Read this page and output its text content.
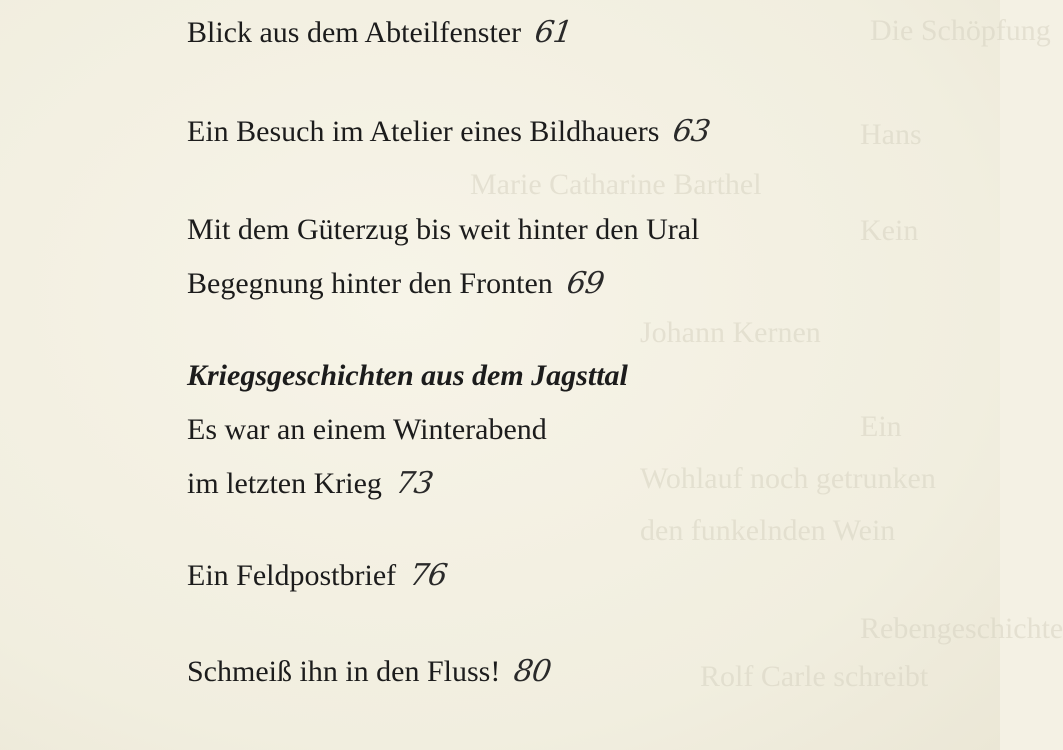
Die Schöpfung
Hans
Marie Catharine Barthel
Kein
Johann Kernen
Ein
Wohlauf noch getrunken
den funkelnden Wein
Rebengeschichte
Rolf Carle schreibt
Blick aus dem Abteilfenster 61
Ein Besuch im Atelier eines Bildhauers 63
Mit dem Güterzug bis weit hinter den Ural
Begegnung hinter den Fronten 69
Kriegsgeschichten aus dem Jagsttal
Es war an einem Winterabend
im letzten Krieg 73
Ein Feldpostbrief 76
Schmeiß ihn in den Fluss! 80
